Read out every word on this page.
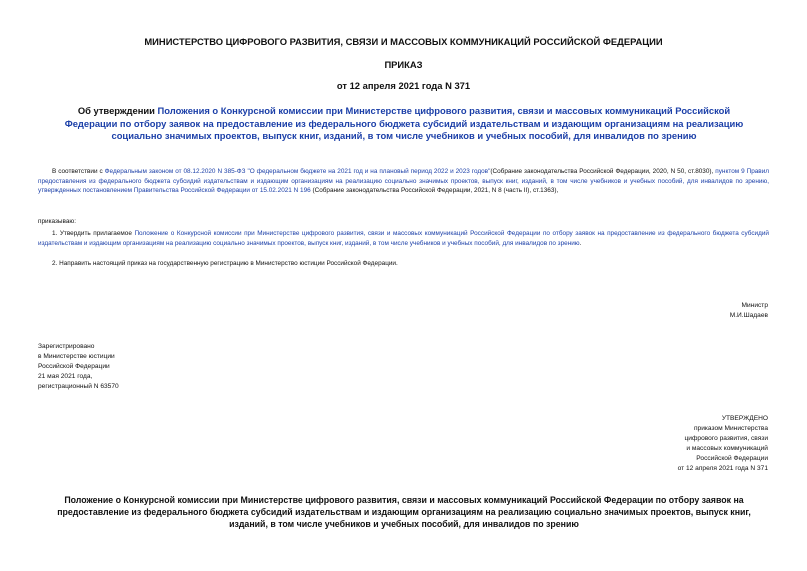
МИНИСТЕРСТВО ЦИФРОВОГО РАЗВИТИЯ, СВЯЗИ И МАССОВЫХ КОММУНИКАЦИЙ РОССИЙСКОЙ ФЕДЕРАЦИИ
ПРИКАЗ
от 12 апреля 2021 года N 371
Об утверждении Положения о Конкурсной комиссии при Министерстве цифрового развития, связи и массовых коммуникаций Российской Федерации по отбору заявок на предоставление из федерального бюджета субсидий издательствам и издающим организациям на реализацию социально значимых проектов, выпуск книг, изданий, в том числе учебников и учебных пособий, для инвалидов по зрению
В соответствии с Федеральным законом от 08.12.2020 N 385-ФЗ "О федеральном бюджете на 2021 год и на плановый период 2022 и 2023 годов"(Собрание законодательства Российской Федерации, 2020, N 50, ст.8030), пунктом 9 Правил предоставления из федерального бюджета субсидий издательствам и издающим организациям на реализацию социально значимых проектов, выпуск книг, изданий, в том числе учебников и учебных пособий, для инвалидов по зрению, утвержденных постановлением Правительства Российской Федерации от 15.02.2021 N 196 (Собрание законодательства Российской Федерации, 2021, N 8 (часть II), ст.1363),
приказываю:
1. Утвердить прилагаемое Положение о Конкурсной комиссии при Министерстве цифрового развития, связи и массовых коммуникаций Российской Федерации по отбору заявок на предоставление из федерального бюджета субсидий издательствам и издающим организациям на реализацию социально значимых проектов, выпуск книг, изданий, в том числе учебников и учебных пособий, для инвалидов по зрению.
2. Направить настоящий приказ на государственную регистрацию в Министерство юстиции Российской Федерации.
Министр
М.И.Шадаев
Зарегистрировано
в Министерстве юстиции
Российской Федерации
21 мая 2021 года,
регистрационный N 63570
УТВЕРЖДЕНО
приказом Министерства
цифрового развития, связи
и массовых коммуникаций
Российской Федерации
от 12 апреля 2021 года N 371
Положение о Конкурсной комиссии при Министерстве цифрового развития, связи и массовых коммуникаций Российской Федерации по отбору заявок на предоставление из федерального бюджета субсидий издательствам и издающим организациям на реализацию социально значимых проектов, выпуск книг, изданий, в том числе учебников и учебных пособий, для инвалидов по зрению
